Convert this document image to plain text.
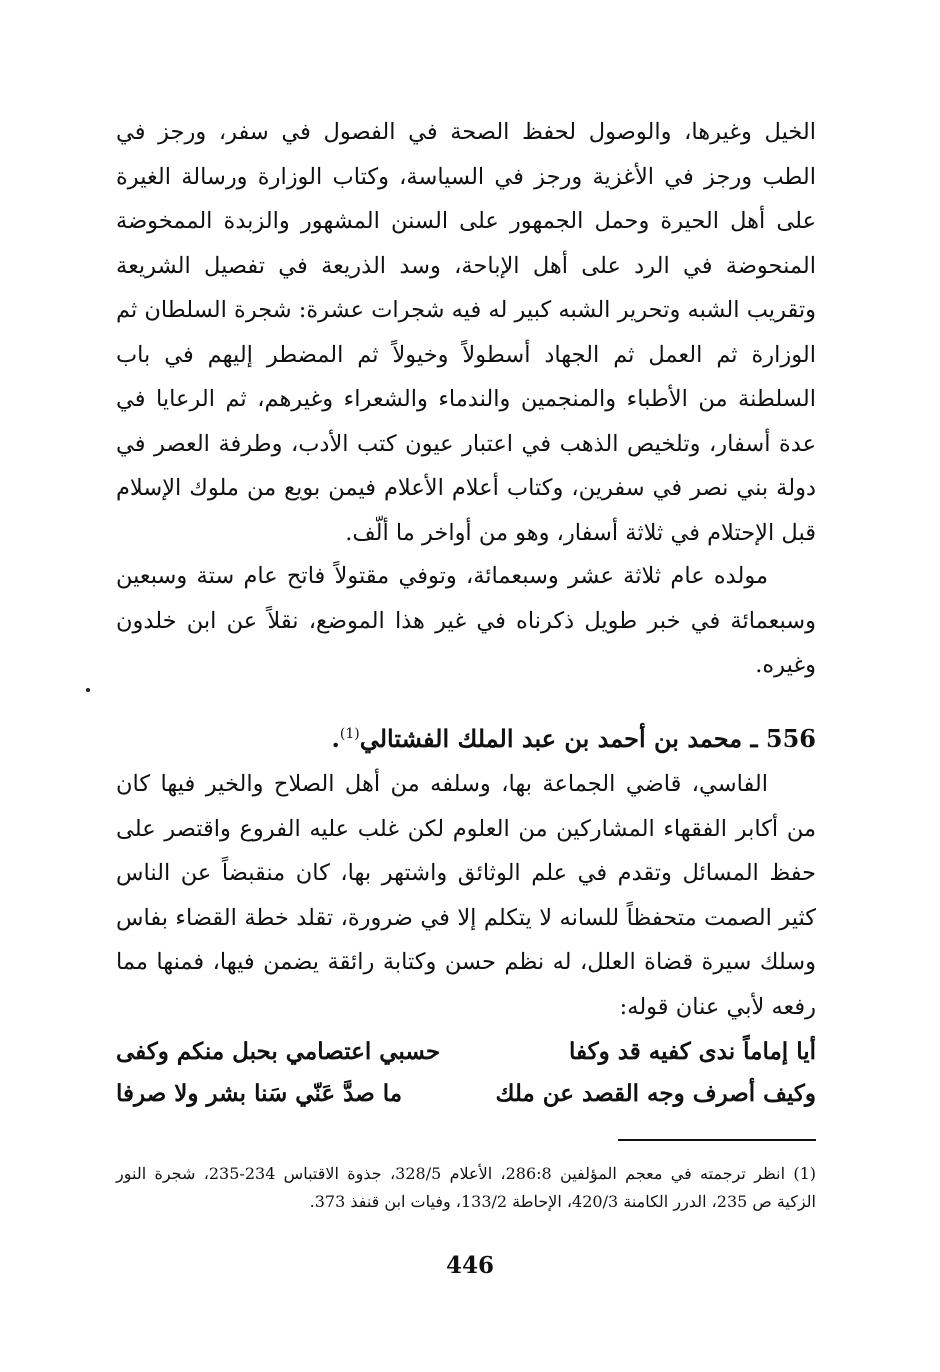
الخيل وغيرها، والوصول لحفظ الصحة في الفصول في سفر، ورجز في الطب ورجز في الأغزية ورجز في السياسة، وكتاب الوزارة ورسالة الغيرة على أهل الحيرة وحمل الجمهور على السنن المشهور والزبدة الممخوضة المنحوضة في الرد على أهل الإباحة، وسد الذريعة في تفصيل الشريعة وتقريب الشبه وتحرير الشبه كبير له فيه شجرات عشرة: شجرة السلطان ثم الوزارة ثم العمل ثم الجهاد أسطولاً وخيولاً ثم المضطر إليهم في باب السلطنة من الأطباء والمنجمين والندماء والشعراء وغيرهم، ثم الرعايا في عدة أسفار، وتلخيص الذهب في اعتبار عيون كتب الأدب، وطرفة العصر في دولة بني نصر في سفرين، وكتاب أعلام الأعلام فيمن بويع من ملوك الإسلام قبل الإحتلام في ثلاثة أسفار، وهو من أواخر ما ألّف.

مولده عام ثلاثة عشر وسبعمائة، وتوفي مقتولاً فاتح عام ستة وسبعين وسبعمائة في خبر طويل ذكرناه في غير هذا الموضع، نقلاً عن ابن خلدون وغيره.

556 ـ محمد بن أحمد بن عبد الملك الفشتالي$^{(1)}$.

الفاسي، قاضي الجماعة بها، وسلفه من أهل الصلاح والخير فيها كان من أكابر الفقهاء المشاركين من العلوم لكن غلب عليه الفروع واقتصر على حفظ المسائل وتقدم في علم الوثائق واشتهر بها، كان منقبضاً عن الناس كثير الصمت متحفظاً للسانه لا يتكلم إلا في ضرورة، تقلد خطة القضاء بفاس وسلك سيرة قضاة العلل، له نظم حسن وكتابة رائقة يضمن فيها، فمنها مما رفعه لأبي عنان قوله:

أيا إماماً ندى كفيه قد وكفا
حسبي اعتصامي بحبل منكم وكفى
وكيف أصرف وجه القصد عن ملك
ما صدَّ عَنّي سَنا بشر ولا صرفا

(1) انظر ترجمته في معجم المؤلفين 286:8، الأعلام 328/5، جذوة الاقتباس 234-235، شجرة النور الزكية ص 235، الدرر الكامنة 420/3، الإحاطة 133/2، وفيات ابن قنفذ 373.

446
